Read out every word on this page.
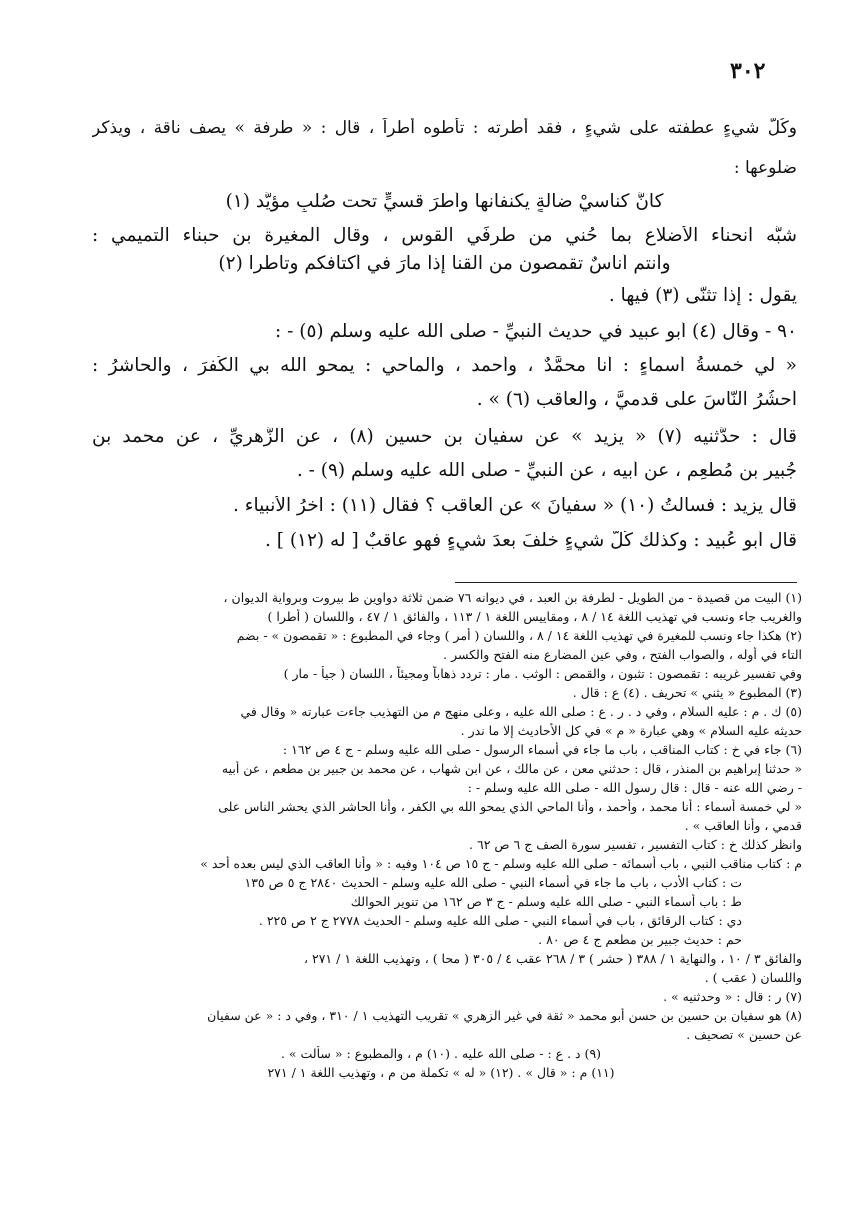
٣٠٢
وكُلُّ شيءٍ عطفته على شيءٍ ، فقد أطرته : تأطوه أطراً ، قال : « طرفة » يصف ناقة ، ويذكر
ضلوعها :
كأنَّ كناسيْ ضالةٍ يكنفانها وأطرَ قسيٍّ تحت صُلبٍ مؤيَّد (١)
شبَّه انحناء الأضلاع بما حُني من طرفَي القوس ، وقال المغيرة بن حبناء التميمي :
وأنتم أناسٌ تقمصون من القنا إذا مارَ في أكتافكم وتأطَّرا (٢)
يقول : إذا تثنَّى (٣) فيها .
٩٠ - وقال (٤) أبو عبيد في حديث النبيِّ - صلَّى الله عليه وسلَّم (٥) - :
« لي خمسةُ أسماءٍ : أنا محمَّدٌ ، وأحمد ، والماحي : يمحو الله بي الكُفرَ ، والحاشرُ :
أحشُرُ النَّاسَ على قدميَّ ، والعاقب (٦) » .
قال : حدَّثنيه (٧) « يزيد » عن سفيان بن حسين (٨) ، عن الزُّهريِّ ، عن محمد بن
جُبير بن مُطعِم ، عن أبيه ، عن النبيِّ - صلَّى الله عليه وسلَّم (٩) - .
قال يزيد : فسألتُ (١٠) « سفيانَ » عن العاقب ؟ فقال (١١) : آخرُ الأنبياء .
قال أبو عُبيد : وكذلك كُلُّ شيءٍ خلفَ بعدَ شيءٍ فهو عاقبٌ [ له (١٢) ] .
(١) البيت من قصيدة - من الطويل - لطرفة بن العبد ، في ديوانه ٧٦ ضمن ثلاثة دواوين ط بيروت وبرواية الديوان ،
والغريب جاء ونسب في تهذيب اللغة ١٤ / ٨ ، ومقاييس اللغة ١ / ١١٣ ، والفائق ١ / ٤٧ ، واللسان ( أطرا )
(٢) هكذا جاء ونسب للمغيرة في تهذيب اللغة ١٤ / ٨ ، واللسان ( أمر ) وجاء في المطبوع : « تقمصون » - بضم
التاء في أوله ، والصواب الفتح ، وفي عين المضارع منه الفتح والكسر .
وفي تفسير غريبه : تقمصون : تثبون ، والقمص : الوثب . مار : تردد ذهاباً ومجيئاً ، اللسان ( جيأ - مار )
(٣) المطبوع « يثني » تحريف . (٤) ع : قال .
(٥) ك . م : عليه السلام ، وفي د . ر . ع : صلى الله عليه ، وعلى منهج م من التهذيب جاءت عبارته « وقال في
حديثه عليه السلام » وهي عبارة « م » في كل الأحاديث إلا ما ندر .
(٦) جاء في خ : كتاب المناقب ، باب ما جاء في أسماء الرسول - صلى الله عليه وسلم - ج ٤ ص ١٦٢ :
« حدثنا إبراهيم بن المنذر ، قال : حدثني معن ، عن مالك ، عن ابن شهاب ، عن محمد بن جبير بن مطعم ، عن أبيه
- رضي الله عنه - قال : قال رسول الله - صلى الله عليه وسلم - :
« لي خمسة أسماء : أنا محمد ، وأحمد ، وأنا الماحي الذي يمحو الله بي الكفر ، وأنا الحاشر الذي يحشر الناس على
قدمي ، وأنا العاقب » .
وانظر كذلك خ : كتاب التفسير ، تفسير سورة الصف ج ٦ ص ٦٢ .
م : كتاب مناقب النبي ، باب أسمائه - صلى الله عليه وسلم - ج ١٥ ص ١٠٤ وفيه : « وأنا العاقب الذي ليس بعده أحد »
ت : كتاب الأدب ، باب ما جاء في أسماء النبي - صلى الله عليه وسلم - الحديث ٢٨٤٠ ج ٥ ص ١٣٥
ط : باب أسماء النبي - صلى الله عليه وسلم - ج ٣ ص ١٦٢ من تنوير الحوالك
دي : كتاب الرقائق ، باب في أسماء النبي - صلى الله عليه وسلم - الحديث ٢٧٧٨ ج ٢ ص ٢٢٥ .
حم : حديث جبير بن مطعم ج ٤ ص ٨٠ .
والفائق ٣ / ١٠ ، والنهاية ١ / ٣٨٨ ( حشر ) ٣ / ٢٦٨ عقب ٤ / ٣٠٥ ( محا ) ، وتهذيب اللغة ١ / ٢٧١ ،
واللسان ( عقب ) .
(٧) ر : قال : « وحدثنيه » .
(٨) هو سفيان بن حسين بن حسن أبو محمد « ثقة في غير الزهري » تقريب التهذيب ١ / ٣١٠ ، وفي د : « عن سفيان
عن حسين » تصحيف .
(٩) د . ع : - صلى الله عليه . (١٠) م ، والمطبوع : « سألت » .
(١١) م : « قال » . (١٢) « له » تكملة من م ، وتهذيب اللغة ١ / ٢٧١
